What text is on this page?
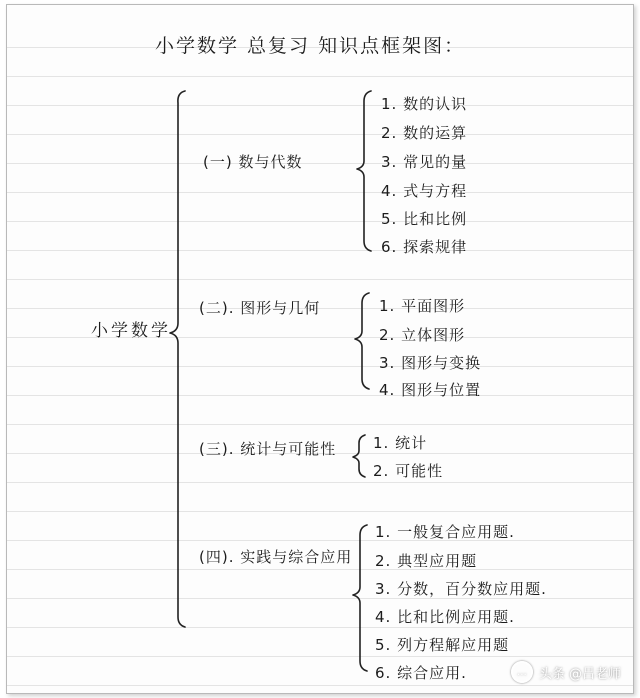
小学数学 总复习 知识点框架图：
小学数学
(一) 数与代数
(二). 图形与几何
(三). 统计与可能性
(四). 实践与综合应用
1. 数的认识
2. 数的运算
3. 常见的量
4. 式与方程
5. 比和比例
6. 探索规律
1. 平面图形
2. 立体图形
3. 图形与变换
4. 图形与位置
1. 统计
2. 可能性
1. 一般复合应用题.
2. 典型应用题
3. 分数，百分数应用题.
4. 比和比例应用题.
5. 列方程解应用题
6. 综合应用.	… 头条 @吕老师
